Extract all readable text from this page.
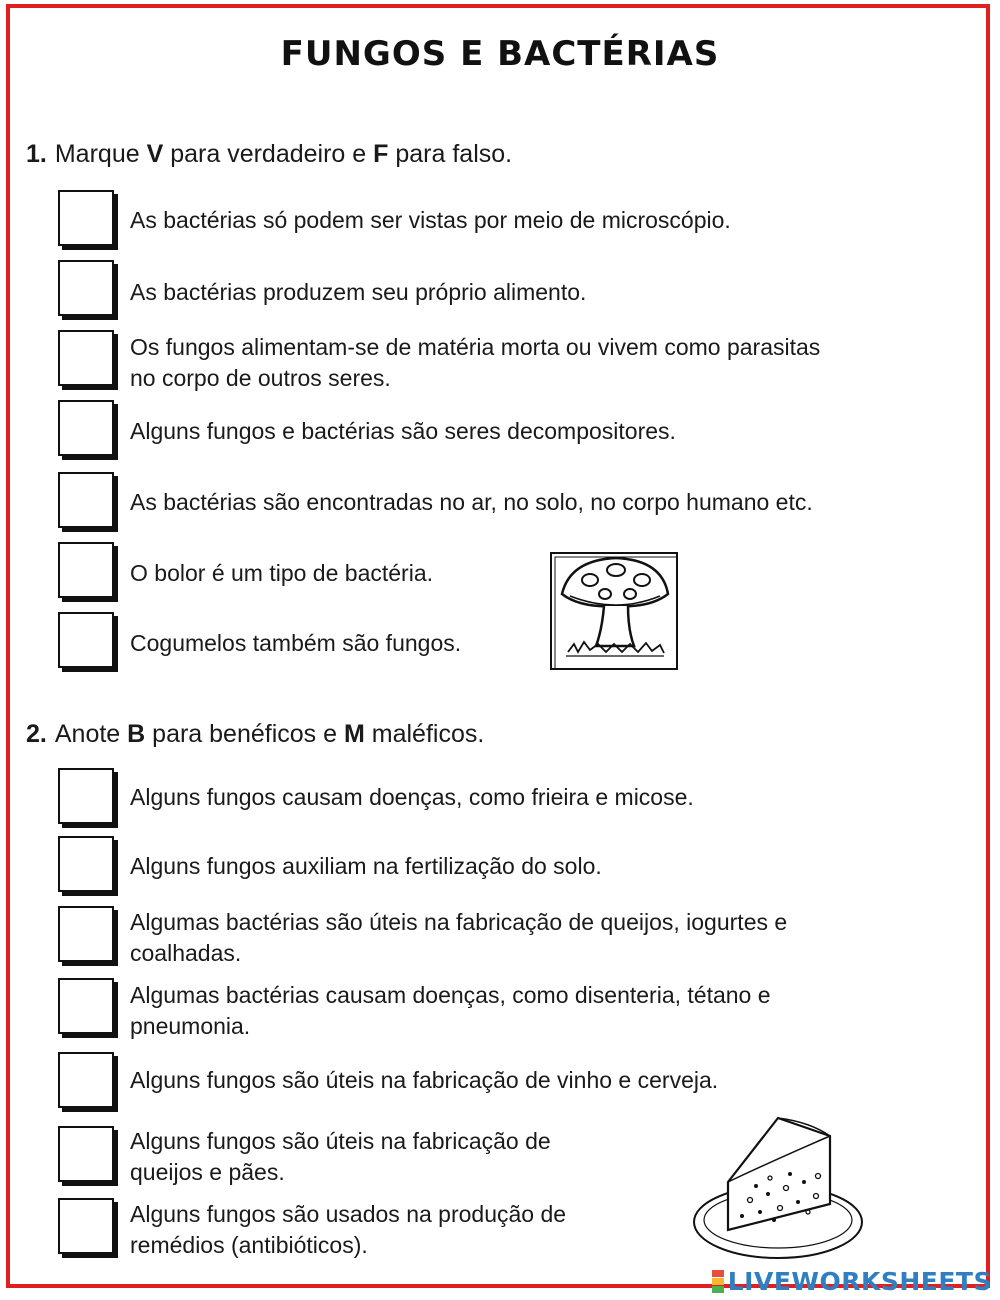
FUNGOS E BACTÉRIAS
1. Marque V para verdadeiro e F para falso.
As bactérias só podem ser vistas por meio de microscópio.
As bactérias produzem seu próprio alimento.
Os fungos alimentam-se de matéria morta ou vivem como parasitas
no corpo de outros seres.
Alguns fungos e bactérias são seres decompositores.
As bactérias são encontradas no ar, no solo, no corpo humano etc.
O bolor é um tipo de bactéria.
Cogumelos também são fungos.
2. Anote B para benéficos e M maléficos.
Alguns fungos causam doenças, como frieira e micose.
Alguns fungos auxiliam na fertilização do solo.
Algumas bactérias são úteis na fabricação de queijos, iogurtes e
coalhadas.
Algumas bactérias causam doenças, como disenteria, tétano e
pneumonia.
Alguns fungos são úteis na fabricação de vinho e cerveja.
Alguns fungos são úteis na fabricação de
queijos e pães.
Alguns fungos são usados na produção de
remédios (antibióticos).
LIVEWORKSHEETS
